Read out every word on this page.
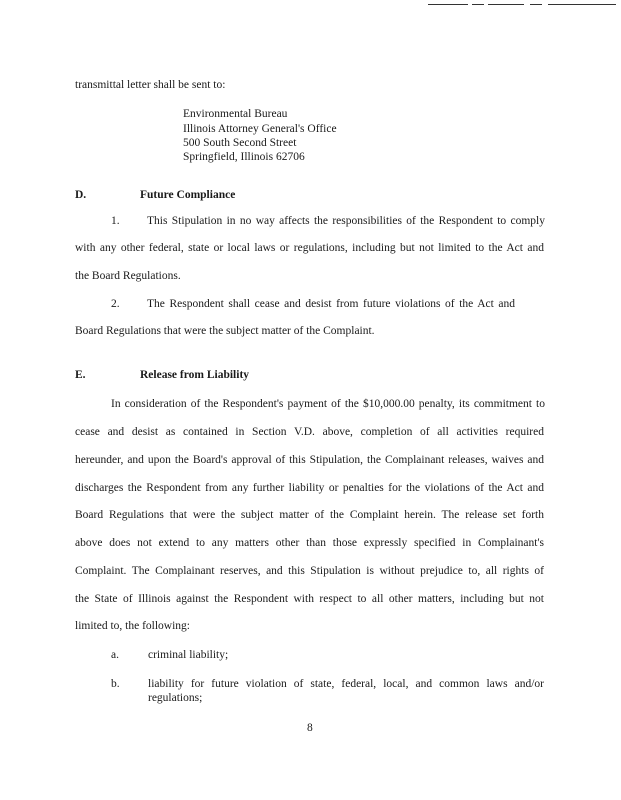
transmittal letter shall be sent to:
Environmental Bureau
Illinois Attorney General's Office
500 South Second Street
Springfield, Illinois 62706
D.	Future Compliance
1. This Stipulation in no way affects the responsibilities of the Respondent to comply
with any other federal, state or local laws or regulations, including but not limited to the Act and
the Board Regulations.
2. The Respondent shall cease and desist from future violations of the Act and
Board Regulations that were the subject matter of the Complaint.
E.	Release from Liability
In consideration of the Respondent's payment of the $10,000.00 penalty, its commitment to
cease and desist as contained in Section V.D. above, completion of all activities required
hereunder, and upon the Board's approval of this Stipulation, the Complainant releases, waives and
discharges the Respondent from any further liability or penalties for the violations of the Act and
Board Regulations that were the subject matter of the Complaint herein. The release set forth
above does not extend to any matters other than those expressly specified in Complainant's
Complaint. The Complainant reserves, and this Stipulation is without prejudice to, all rights of
the State of Illinois against the Respondent with respect to all other matters, including but not
limited to, the following:
a.	criminal liability;
b. liability for future violation of state, federal, local, and common laws and/or
regulations;
8
